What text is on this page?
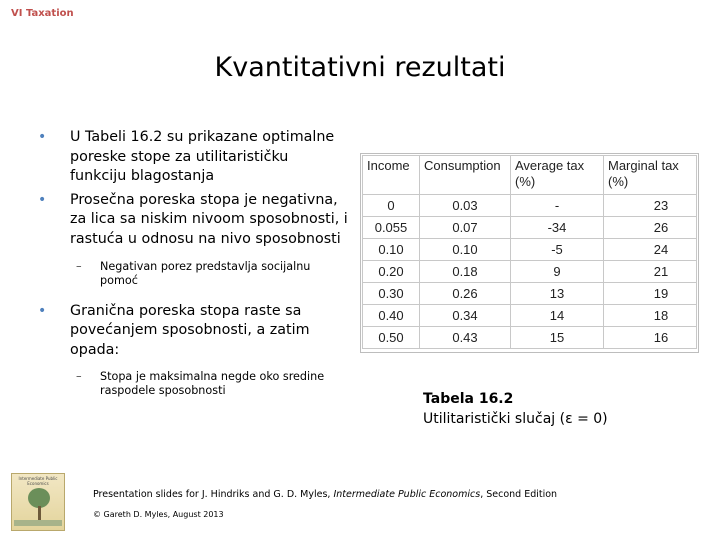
VI Taxation
Kvantitativni rezultati
• U Tabeli 16.2 su prikazane optimalne poreske stope za utilitarističku funkciju blagostanja
• Prosečna poreska stopa je negativna, za lica sa niskim nivoom sposobnosti, i rastuća u odnosu na nivo sposobnosti
– Negativan porez predstavlja socijalnu pomoć
• Granična poreska stopa raste sa povećanjem sposobnosti, a zatim opada:
– Stopa je maksimalna negde oko sredine raspodele sposobnosti
Income	Consumption	Average tax (%)	Marginal tax (%)
0	0.03	-	23
0.055	0.07	-34	26
0.10	0.10	-5	24
0.20	0.18	9	21
0.30	0.26	13	19
0.40	0.34	14	18
0.50	0.43	15	16
Tabela 16.2
Utilitaristički slučaj (ε = 0)
Intermediate Public Economics
Presentation slides for J. Hindriks and G. D. Myles, Intermediate Public Economics, Second Edition
© Gareth D. Myles, August 2013
